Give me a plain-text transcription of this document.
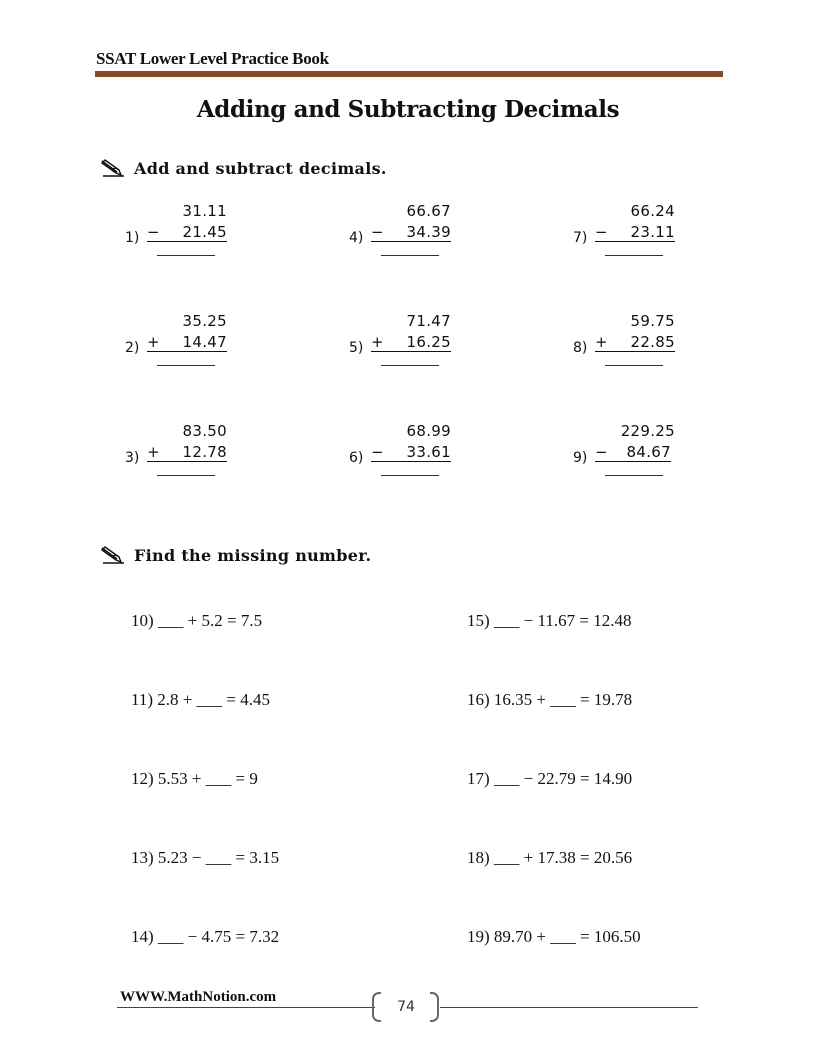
SSAT Lower Level Practice Book
Adding and Subtracting Decimals
Add and subtract decimals.
1)
31.11
− 21.45
2)
35.25
+ 14.47
3)
83.50
+ 12.78
4)
66.67
− 34.39
5)
71.47
+ 16.25
6)
68.99
− 33.61
7)
66.24
− 23.11
8)
59.75
+ 22.85
9)
229.25
− 84.67
Find the missing number.
10) ___ + 5.2 = 7.5
11) 2.8 + ___ = 4.45
12) 5.53 + ___ = 9
13) 5.23 − ___ = 3.15
14) ___ − 4.75 = 7.32
15) ___ − 11.67 = 12.48
16) 16.35 + ___ = 19.78
17) ___ − 22.79 = 14.90
18) ___ + 17.38 = 20.56
19) 89.70 + ___ = 106.50
WWW.MathNotion.com
74
